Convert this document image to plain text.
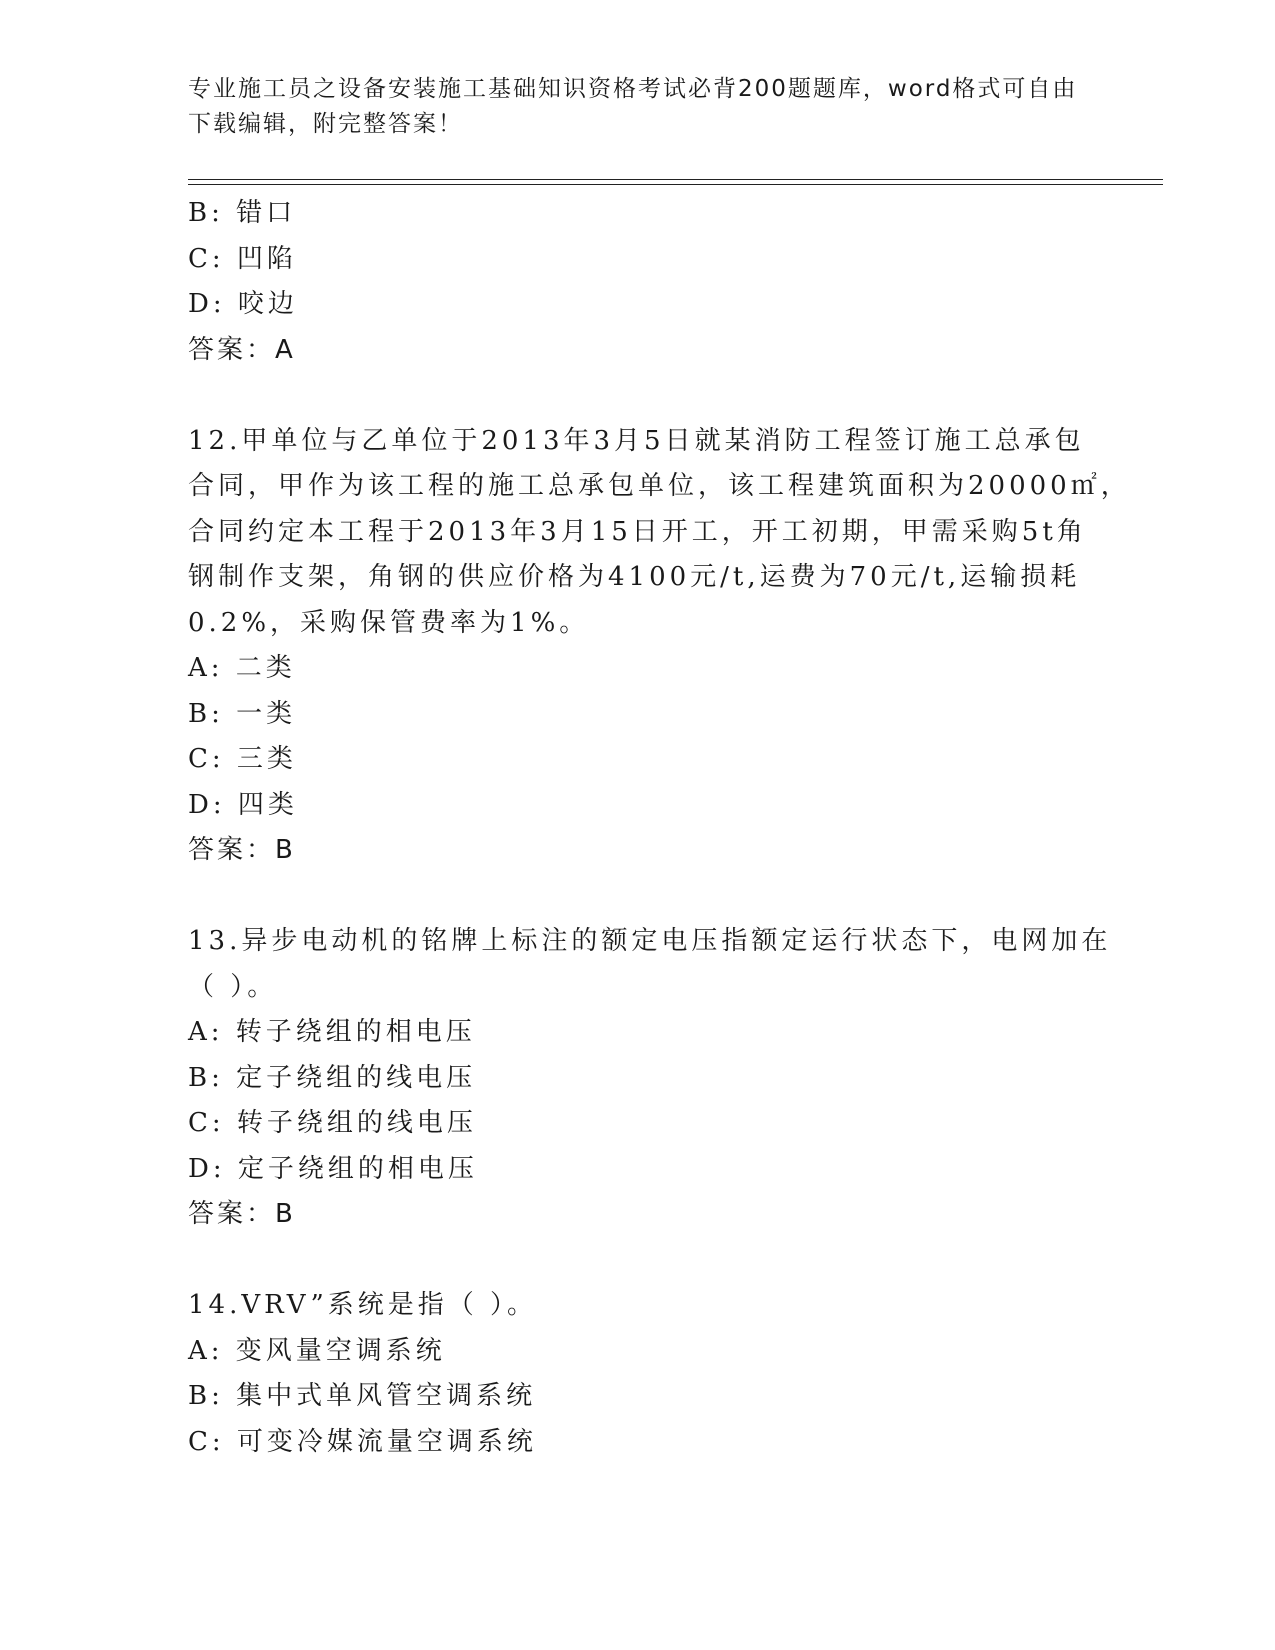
专业施工员之设备安装施工基础知识资格考试必背200题题库，word格式可自由
下载编辑，附完整答案！
B: 错口
C: 凹陷
D: 咬边
答案：A
12.甲单位与乙单位于2013年3月5日就某消防工程签订施工总承包
合同，甲作为该工程的施工总承包单位，该工程建筑面积为20000㎡，
合同约定本工程于2013年3月15日开工，开工初期，甲需采购5t角
钢制作支架，角钢的供应价格为4100元/t,运费为70元/t,运输损耗
0.2%，采购保管费率为1%。
A: 二类
B: 一类
C: 三类
D: 四类
答案：B
13.异步电动机的铭牌上标注的额定电压指额定运行状态下，电网加在
（ ）。
A: 转子绕组的相电压
B: 定子绕组的线电压
C: 转子绕组的线电压
D: 定子绕组的相电压
答案：B
14.VRV”系统是指（ ）。
A: 变风量空调系统
B: 集中式单风管空调系统
C: 可变冷媒流量空调系统
